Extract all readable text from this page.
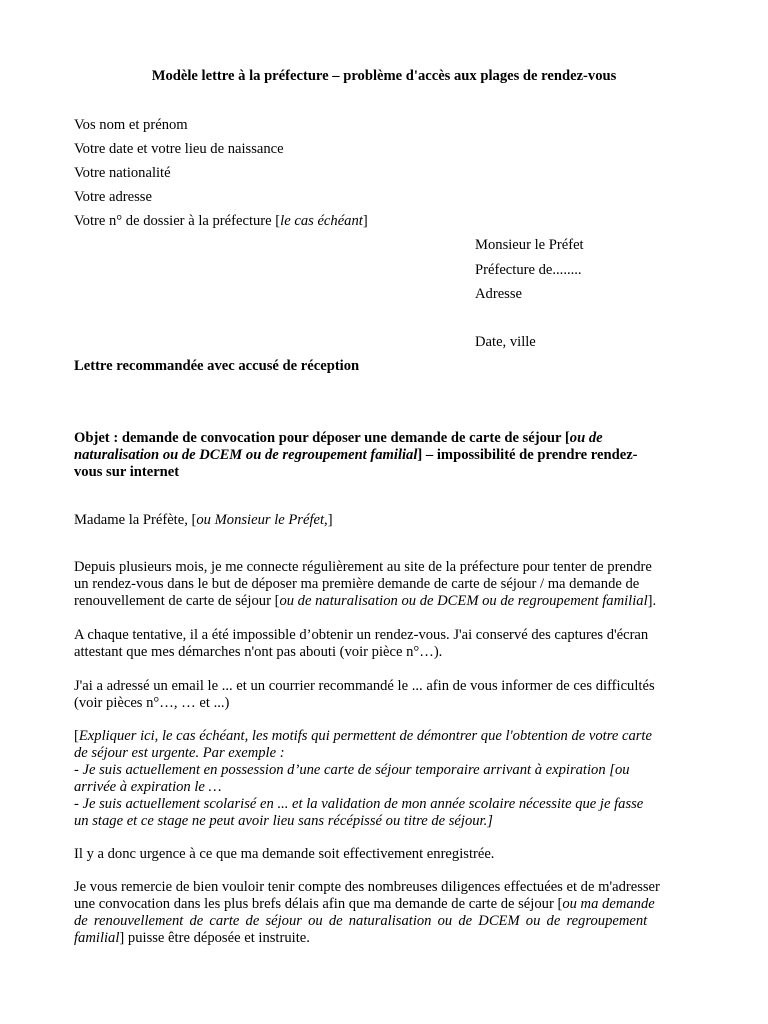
Modèle lettre à la préfecture – problème d'accès aux plages de rendez-vous
Vos nom et prénom
Votre date et votre lieu de naissance
Votre nationalité
Votre adresse
Votre n° de dossier à la préfecture [le cas échéant]
Monsieur le Préfet
Préfecture de........
Adresse
Date, ville
Lettre recommandée avec accusé de réception
Objet : demande de convocation pour déposer une demande de carte de séjour [ou de
naturalisation ou de DCEM ou de regroupement familial] – impossibilité de prendre rendez-
vous sur internet
Madame la Préfète, [ou Monsieur le Préfet,]
Depuis plusieurs mois, je me connecte régulièrement au site de la préfecture pour tenter de prendre
un rendez-vous dans le but de déposer ma première demande de carte de séjour / ma demande de
renouvellement de carte de séjour [ou de naturalisation ou de DCEM ou de regroupement familial].
A chaque tentative, il a été impossible d’obtenir un rendez-vous. J'ai conservé des captures d'écran
attestant que mes démarches n'ont pas abouti (voir pièce n°…).
J'ai a adressé un email le ... et un courrier recommandé le ... afin de vous informer de ces difficultés
(voir pièces n°…, … et ...)
[Expliquer ici, le cas échéant, les motifs qui permettent de démontrer que l'obtention de votre carte
de séjour est urgente. Par exemple :
- Je suis actuellement en possession d’une carte de séjour temporaire arrivant à expiration [ou
arrivée à expiration le …
- Je suis actuellement scolarisé en ... et la validation de mon année scolaire nécessite que je fasse
un stage et ce stage ne peut avoir lieu sans récépissé ou titre de séjour.]
Il y a donc urgence à ce que ma demande soit effectivement enregistrée.
Je vous remercie de bien vouloir tenir compte des nombreuses diligences effectuées et de m'adresser
une convocation dans les plus brefs délais afin que ma demande de carte de séjour [ou ma demande
de renouvellement de carte de séjour ou de naturalisation ou de DCEM ou de regroupement
familial] puisse être déposée et instruite.
